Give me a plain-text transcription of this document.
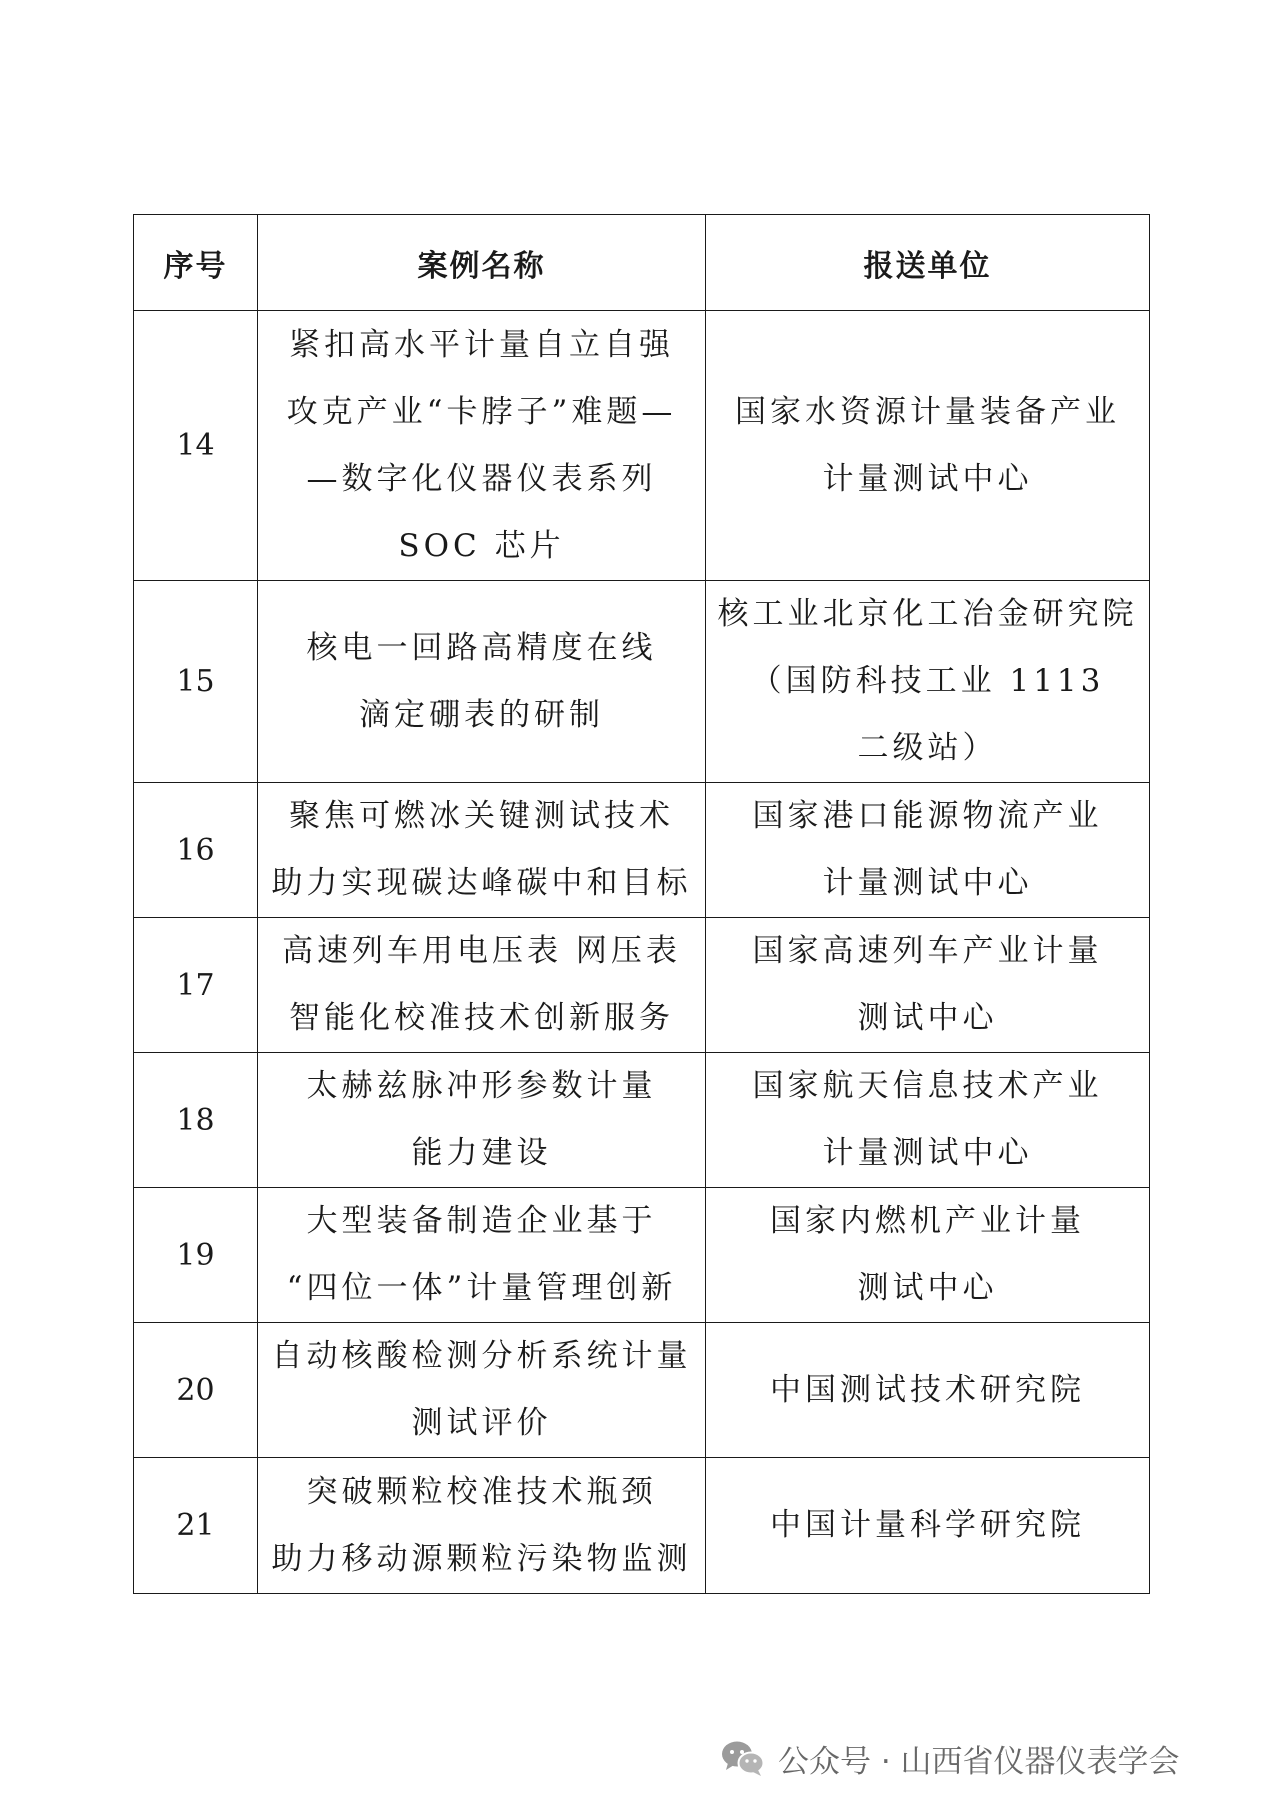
序号	案例名称	报送单位
14	紧扣高水平计量自立自强
攻克产业“卡脖子”难题—
—数字化仪器仪表系列
SOC 芯片	国家水资源计量装备产业
计量测试中心

15	核电一回路高精度在线
滴定硼表的研制	核工业北京化工冶金研究院
（国防科技工业 1113
二级站）

16	聚焦可燃冰关键测试技术
助力实现碳达峰碳中和目标	国家港口能源物流产业
计量测试中心

17	高速列车用电压表 网压表
智能化校准技术创新服务	国家高速列车产业计量
测试中心

18	太赫兹脉冲形参数计量
能力建设	国家航天信息技术产业
计量测试中心

19	大型装备制造企业基于
“四位一体”计量管理创新	国家内燃机产业计量
测试中心

20	自动核酸检测分析系统计量
测试评价	中国测试技术研究院

21	突破颗粒校准技术瓶颈
助力移动源颗粒污染物监测	中国计量科学研究院
公众号 · 山西省仪器仪表学会
